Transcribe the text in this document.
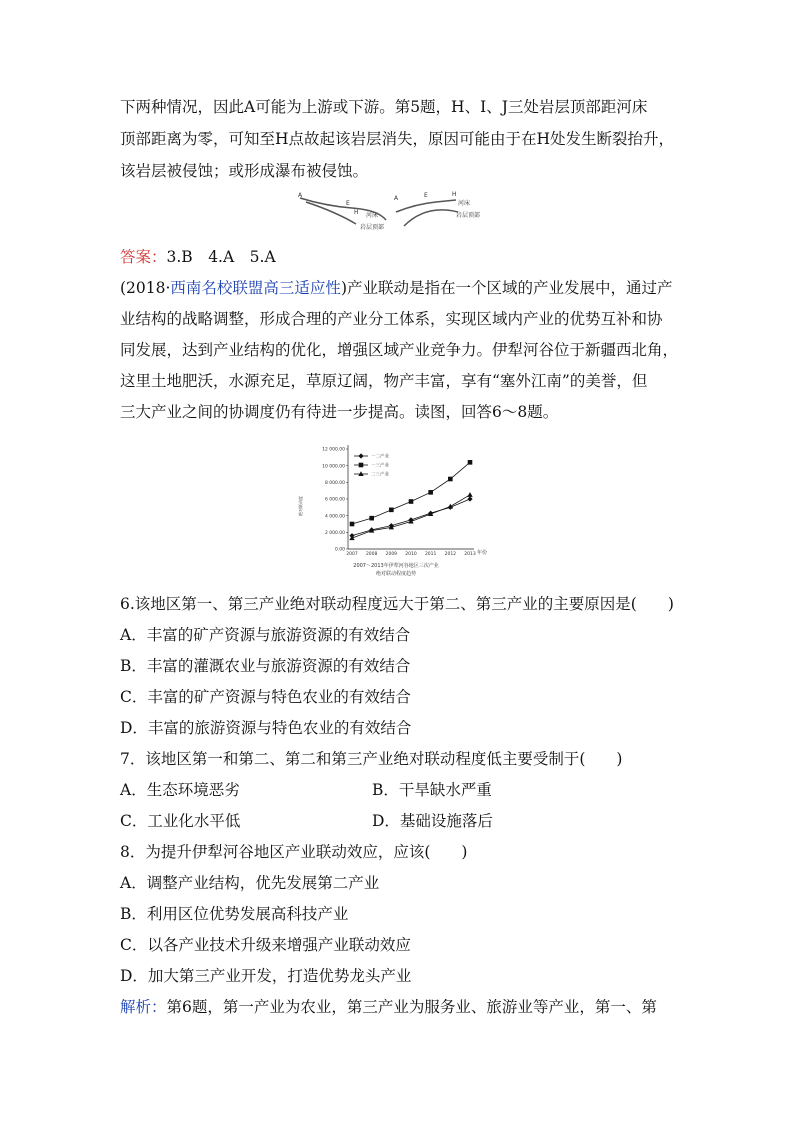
下两种情况，因此A可能为上游或下游。第5题，H、I、J三处岩层顶部距河床
顶部距离为零，可知至H点故起该岩层消失，原因可能由于在H处发生断裂抬升，
该岩层被侵蚀；或形成瀑布被侵蚀。
A
E
H 河床
岩层顶部
A	E	H
河床
岩层顶部
答案：3.B　4.A　5.A
(2018·西南名校联盟高三适应性)产业联动是指在一个区域的产业发展中，通过产
业结构的战略调整，形成合理的产业分工体系，实现区域内产业的优势互补和协
同发展，达到产业结构的优化，增强区域产业竞争力。伊犁河谷位于新疆西北角，
这里土地肥沃，水源充足，草原辽阔，物产丰富，享有“塞外江南”的美誉，但
三大产业之间的协调度仍有待进一步提高。读图，回答6～8题。
0.00
2 000.00
4 000.00
6 000.00
8 000.00
10 000.00
12 000.00
2007 2008 2009 2010 2011 2012 2013
一二产业
一三产业
二三产业
绝对联动度
年份
2007～2013年伊犁河谷地区三次产业
绝对联动程度趋势
6.该地区第一、第三产业绝对联动程度远大于第二、第三产业的主要原因是(　　)
A．丰富的矿产资源与旅游资源的有效结合
B．丰富的灌溉农业与旅游资源的有效结合
C．丰富的矿产资源与特色农业的有效结合
D．丰富的旅游资源与特色农业的有效结合
7．该地区第一和第二、第二和第三产业绝对联动程度低主要受制于(　　)
A．生态环境恶劣	B．干旱缺水严重
C．工业化水平低	D．基础设施落后
8．为提升伊犁河谷地区产业联动效应，应该(　　)
A．调整产业结构，优先发展第二产业
B．利用区位优势发展高科技产业
C．以各产业技术升级来增强产业联动效应
D．加大第三产业开发，打造优势龙头产业
解析：第6题，第一产业为农业，第三产业为服务业、旅游业等产业，第一、第
